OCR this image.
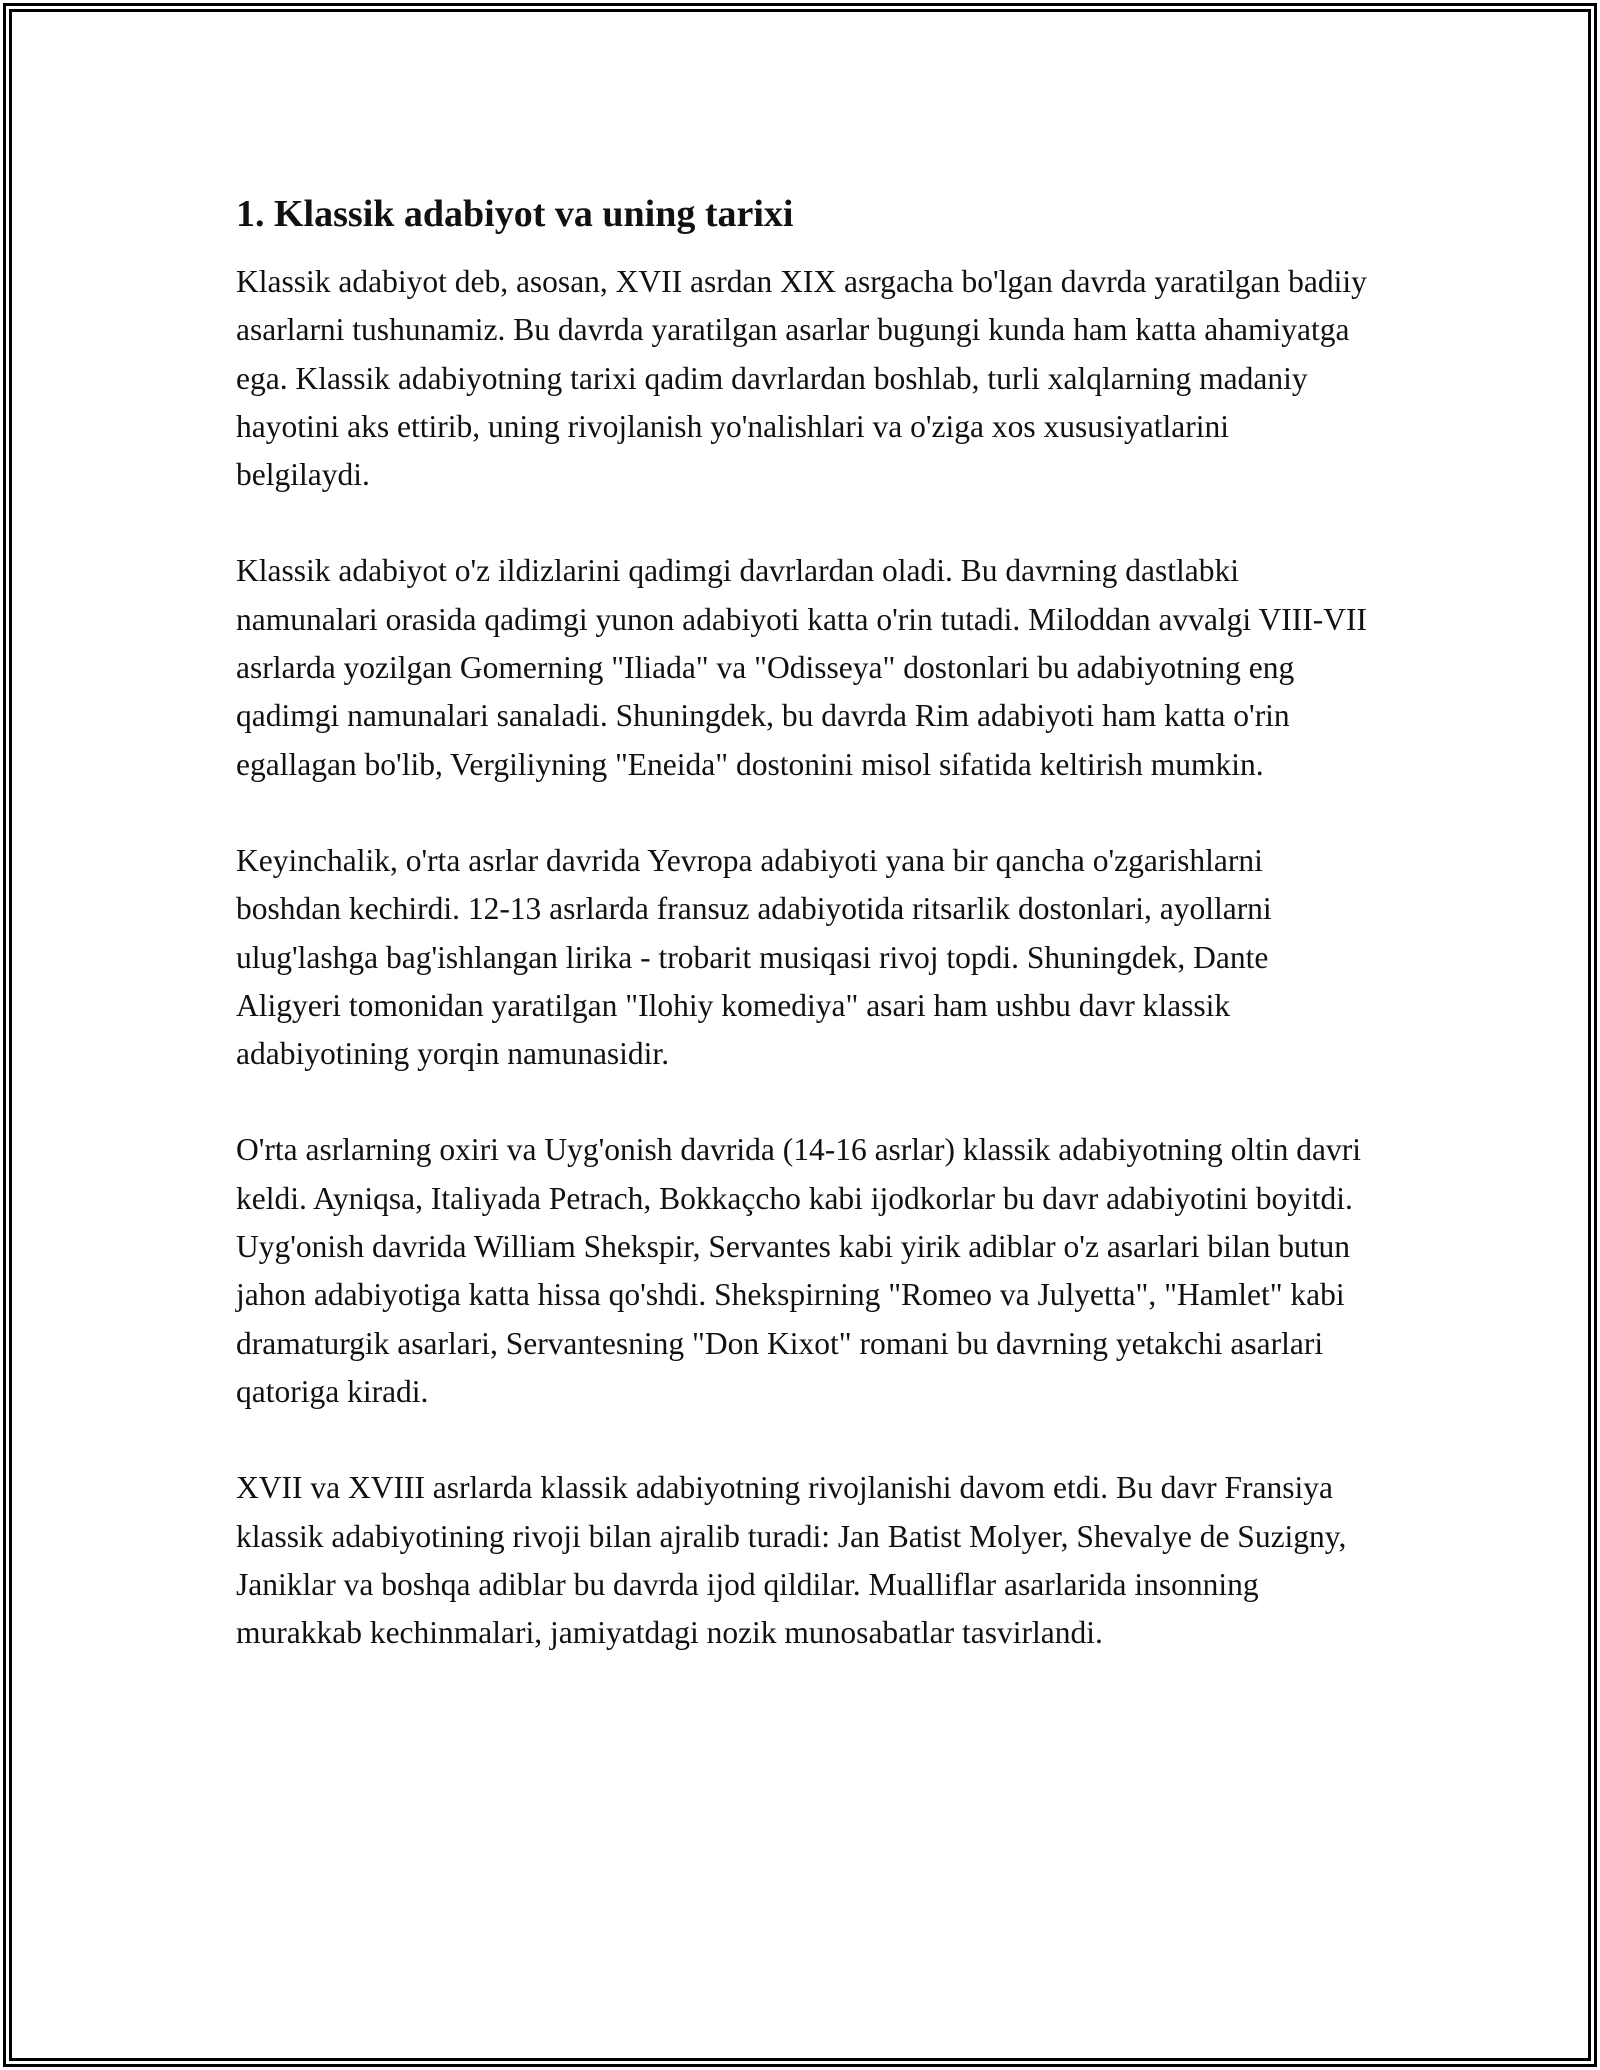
1. Klassik adabiyot va uning tarixi

Klassik adabiyot deb, asosan, XVII asrdan XIX asrgacha bo'lgan davrda yaratilgan badiiy asarlarni tushunamiz. Bu davrda yaratilgan asarlar bugungi kunda ham katta ahamiyatga ega. Klassik adabiyotning tarixi qadim davrlardan boshlab, turli xalqlarning madaniy hayotini aks ettirib, uning rivojlanish yo'nalishlari va o'ziga xos xususiyatlarini belgilaydi.

Klassik adabiyot o'z ildizlarini qadimgi davrlardan oladi. Bu davrning dastlabki namunalari orasida qadimgi yunon adabiyoti katta o'rin tutadi. Miloddan avvalgi VIII-VII asrlarda yozilgan Gomerning "Iliada" va "Odisseya" dostonlari bu adabiyotning eng qadimgi namunalari sanaladi. Shuningdek, bu davrda Rim adabiyoti ham katta o'rin egallagan bo'lib, Vergiliyning "Eneida" dostonini misol sifatida keltirish mumkin.

Keyinchalik, o'rta asrlar davrida Yevropa adabiyoti yana bir qancha o'zgarishlarni boshdan kechirdi. 12-13 asrlarda fransuz adabiyotida ritsarlik dostonlari, ayollarni ulug'lashga bag'ishlangan lirika - trobarit musiqasi rivoj topdi. Shuningdek, Dante Aligyeri tomonidan yaratilgan "Ilohiy komediya" asari ham ushbu davr klassik adabiyotining yorqin namunasidir.

O'rta asrlarning oxiri va Uyg'onish davrida (14-16 asrlar) klassik adabiyotning oltin davri keldi. Ayniqsa, Italiyada Petrach, Bokkaçcho kabi ijodkorlar bu davr adabiyotini boyitdi. Uyg'onish davrida William Shekspir, Servantes kabi yirik adiblar o'z asarlari bilan butun jahon adabiyotiga katta hissa qo'shdi. Shekspirning "Romeo va Julyetta", "Hamlet" kabi dramaturgik asarlari, Servantesning "Don Kixot" romani bu davrning yetakchi asarlari qatoriga kiradi.

XVII va XVIII asrlarda klassik adabiyotning rivojlanishi davom etdi. Bu davr Fransiya klassik adabiyotining rivoji bilan ajralib turadi: Jan Batist Molyer, Shevalye de Suzigny, Janiklar va boshqa adiblar bu davrda ijod qildilar. Mualliflar asarlarida insonning murakkab kechinmalari, jamiyatdagi nozik munosabatlar tasvirlandi.
